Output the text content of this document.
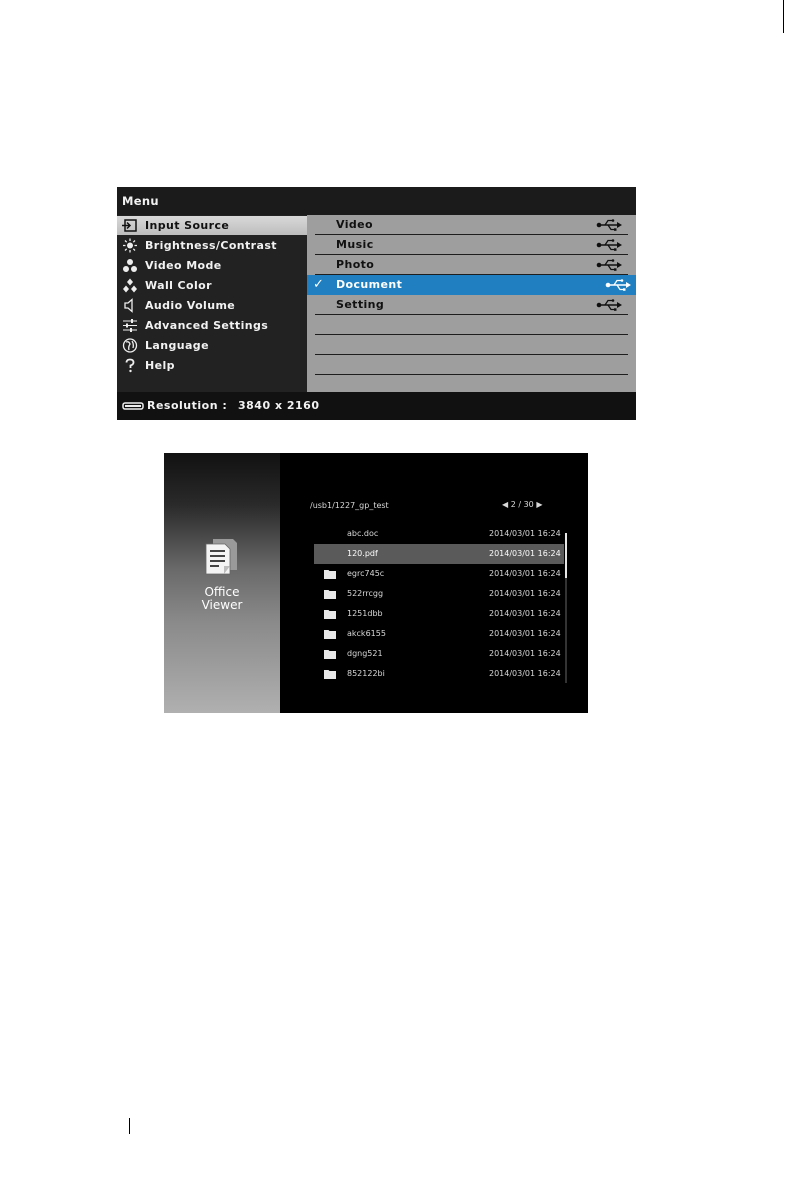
Menu
Input Source
Brightness/Contrast
Video Mode
Wall Color
Audio Volume
Advanced Settings
Language
Help
Video
Music
Photo
✓ Document
Setting
Resolution : 3840 x 2160
Office
Viewer
/usb1/1227_gp_test	◀ 2 / 30 ▶
abc.doc	2014/03/01 16:24
120.pdf	2014/03/01 16:24
egrc745c	2014/03/01 16:24
522rrcgg	2014/03/01 16:24
1251dbb	2014/03/01 16:24
akck6155	2014/03/01 16:24
dgng521	2014/03/01 16:24
852122bi	2014/03/01 16:24
